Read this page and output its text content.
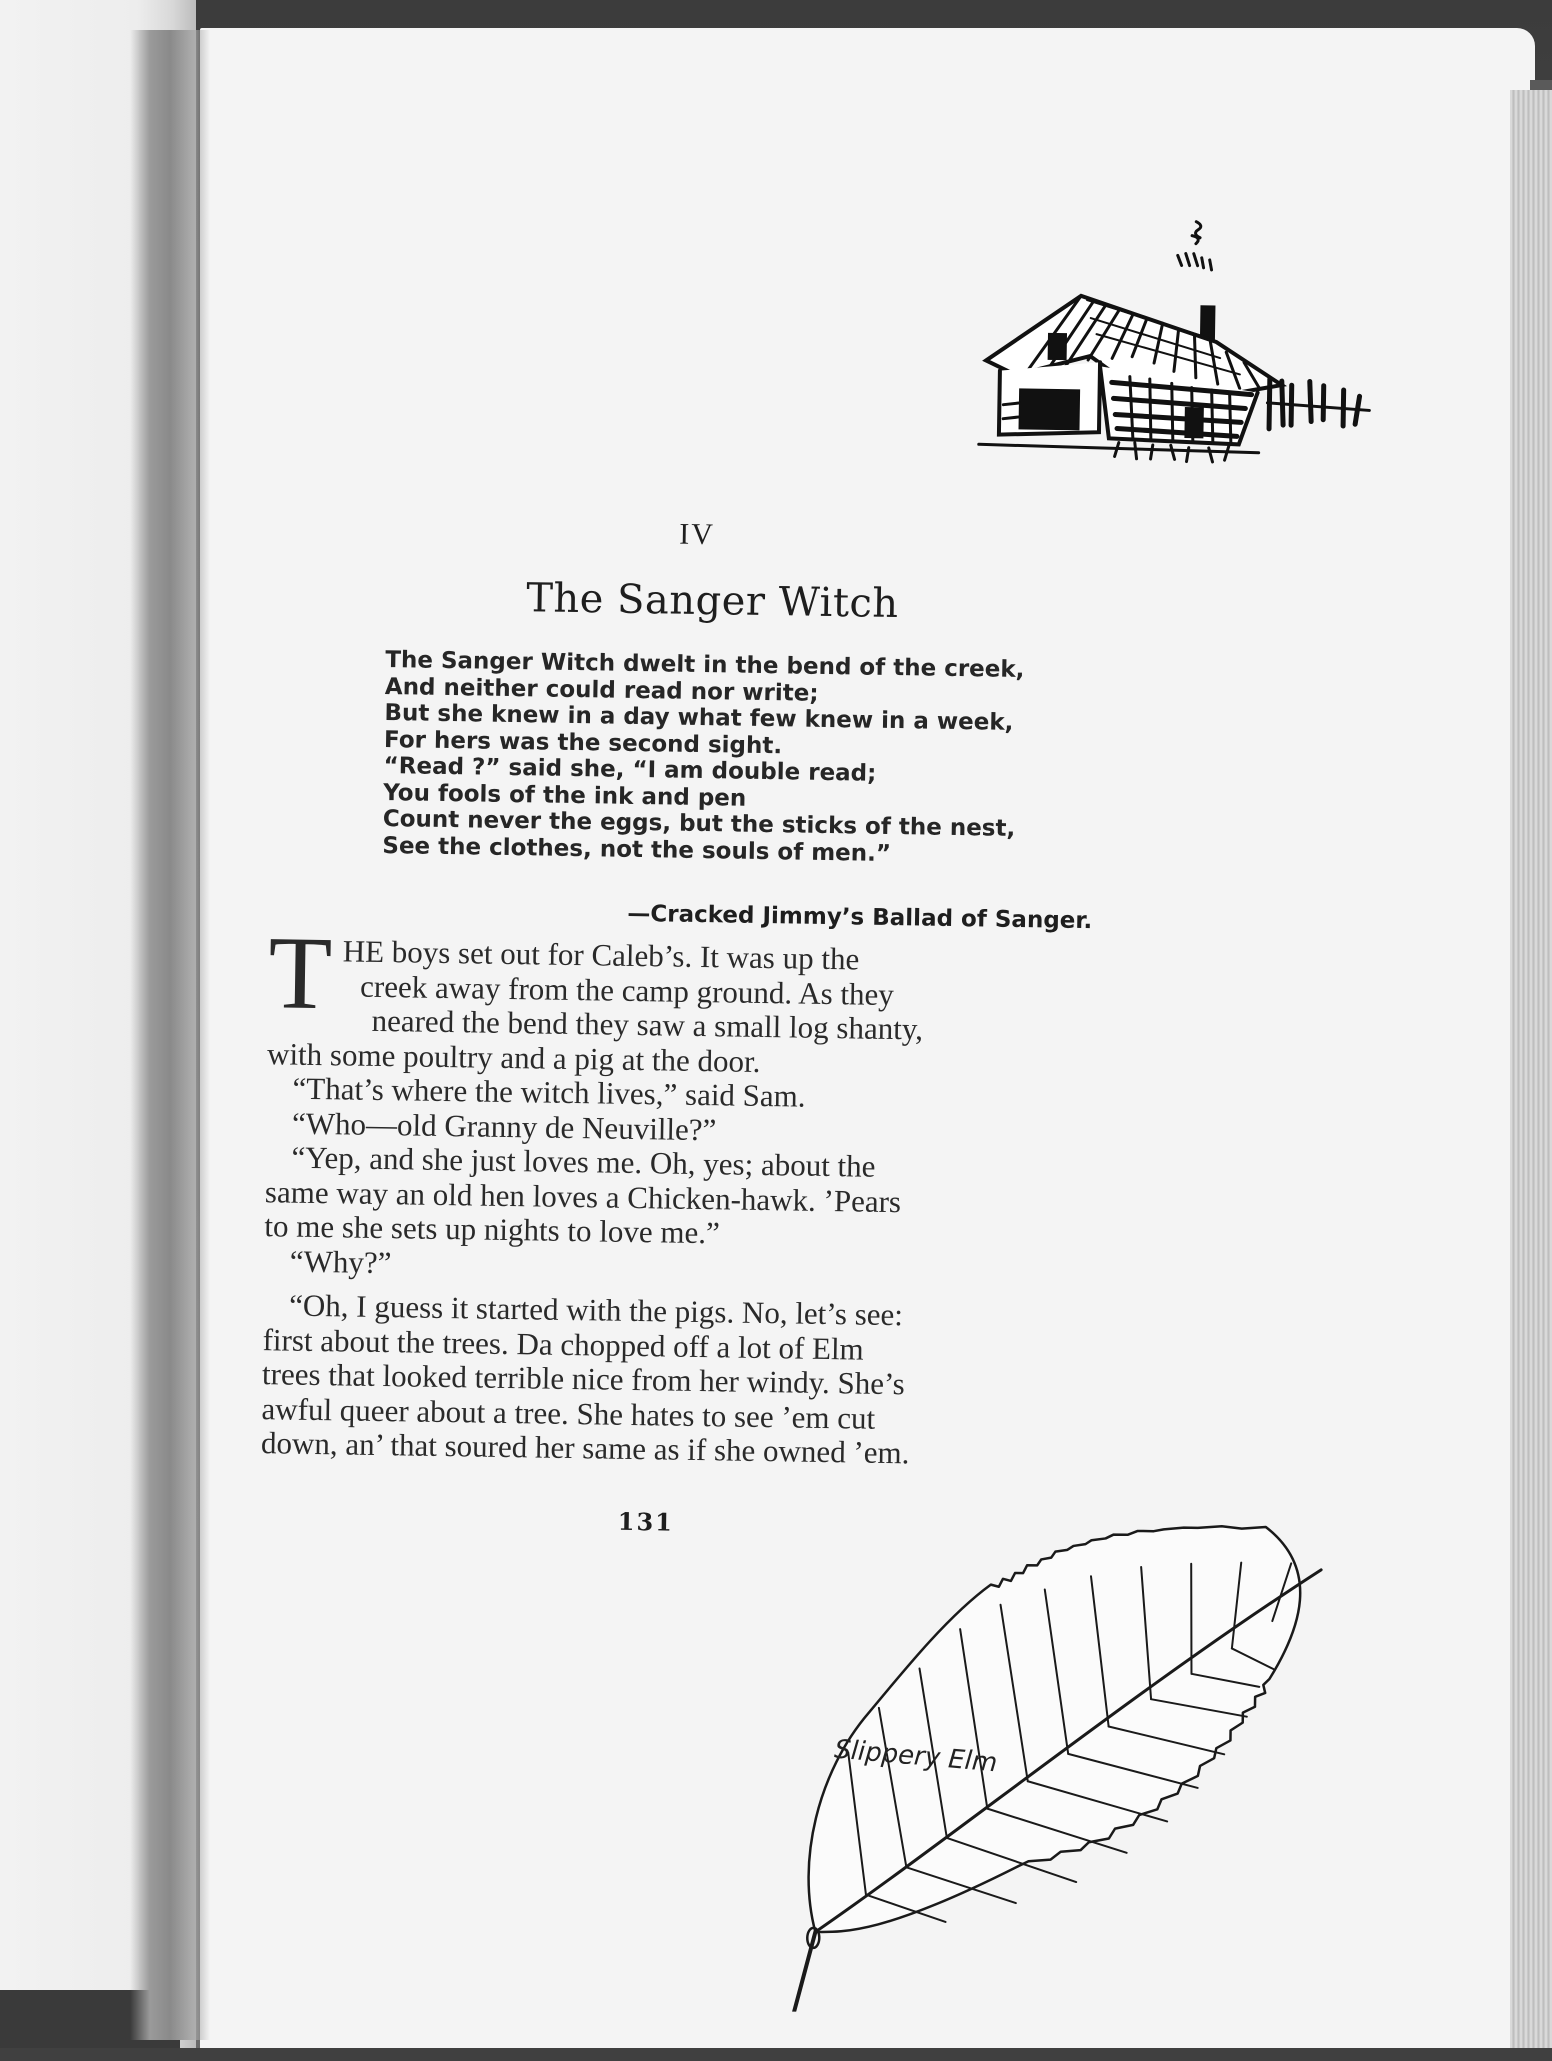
IV
The Sanger Witch
The Sanger Witch dwelt in the bend of the creek,
And neither could read nor write;
But she knew in a day what few knew in a week,
For hers was the second sight.
“Read ?” said she, “I am double read;
You fools of the ink and pen
Count never the eggs, but the sticks of the nest,
See the clothes, not the souls of men.”
—Cracked Jimmy’s Ballad of Sanger.
T HE boys set out for Caleb’s. It was up the
creek away from the camp ground. As they
neared the bend they saw a small log shanty,
with some poultry and a pig at the door.
“That’s where the witch lives,” said Sam.
“Who—old Granny de Neuville?”
“Yep, and she just loves me. Oh, yes; about the
same way an old hen loves a Chicken-hawk. ’Pears
to me she sets up nights to love me.”
“Why?”
“Oh, I guess it started with the pigs. No, let’s see:
first about the trees. Da chopped off a lot of Elm
trees that looked terrible nice from her windy. She’s
awful queer about a tree. She hates to see ’em cut
down, an’ that soured her same as if she owned ’em.
131
Slippery Elm
